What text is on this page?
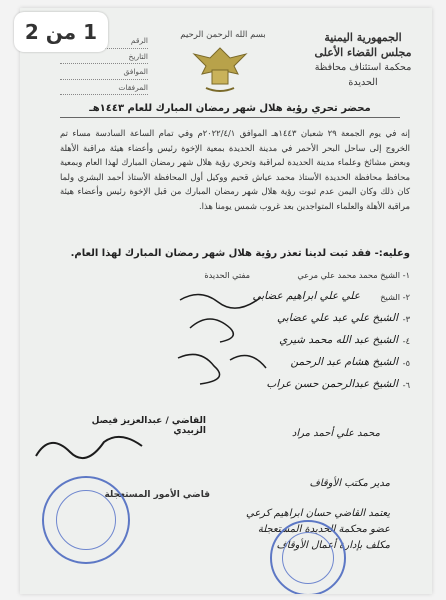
الجمهورية اليمنية
مجلس القضاء الأعلى
محكمة استئناف محافظة الحديدة
بسم الله الرحمن الرحيم
الرقم
التاريخ
الموافق
المرفقات
محضر تحري رؤية هلال شهر رمضان المبارك للعام ١٤٤٣هـ
إنه في يوم الجمعة ٢٩ شعبان ١٤٤٣هـ الموافق ٢٠٢٢/٤/١م وفي تمام الساعة السادسة مساء تم الخروج إلى ساحل البحر الأحمر في مدينة الحديدة بمعية الإخوة رئيس وأعضاء هيئة مراقبة الأهلة وبعض مشائخ وعلماء مدينة الحديدة لمراقبة وتحري رؤية هلال شهر رمضان المبارك لهذا العام وبمعية محافظ محافظة الحديدة الأستاذ محمد عياش قحيم ووكيل أول المحافظة الأستاذ أحمد البشري ولما كان ذلك وكان اليمن عدم ثبوت رؤية هلال شهر رمضان المبارك من قبل الإخوة رئيس وأعضاء هيئة مراقبة الأهلة والعلماء المتواجدين بعد غروب شمس يومنا هذا.
وعليه:- فقد ثبت لدينا تعذر رؤية هلال شهر رمضان المبارك لهذا العام.
١- الشيخ محمد محمد علي مرعي
مفتي الحديدة
٢- الشيخ
علي علي ابراهيم عضابي
٣-
الشيخ علي عبد علي عضابي
٤-
الشيخ عبد الله محمد شيري
٥-
الشيخ هشام عبد الرحمن
٦-
الشيخ عبدالرحمن حسن عراب
القاضي / عبدالعزيز فيصل الزبيدي	محمد علي أحمد مراد
مدير مكتب الأوقاف
قاضي الأمور المستعجلة
يعتمد القاضي حسان ابراهيم كرعي
عضو محكمة الحديدة المستعجلة
مكلف بإدارة أعمال الأوقاف
1 من 2
